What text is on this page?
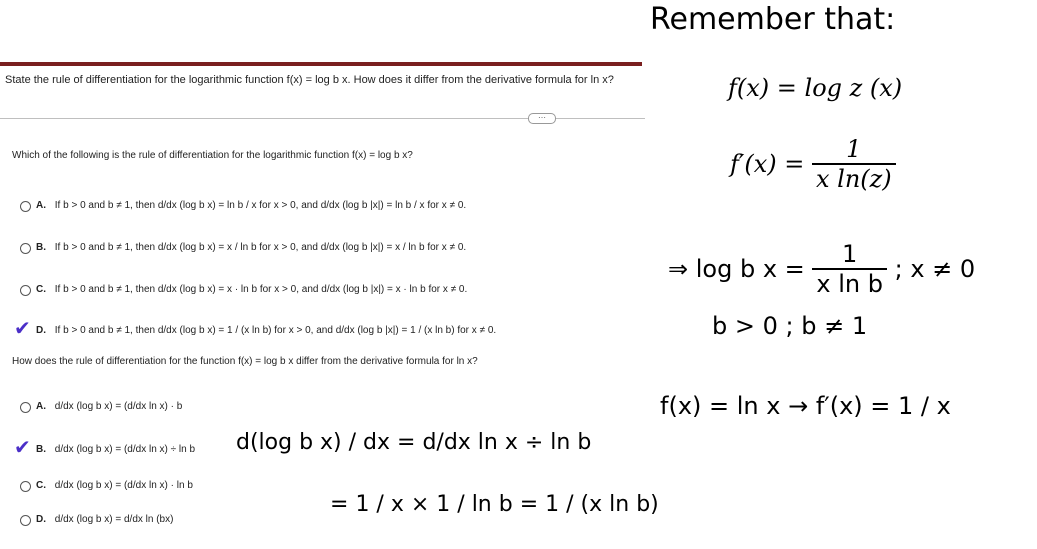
State the rule of differentiation for the logarithmic function f(x) = log b x. How does it differ from the derivative formula for ln x?
⋯
Which of the following is the rule of differentiation for the logarithmic function f(x) = log b x?
A. If b > 0 and b ≠ 1, then d/dx (log b x) = ln b / x for x > 0, and d/dx (log b |x|) = ln b / x for x ≠ 0.
B. If b > 0 and b ≠ 1, then d/dx (log b x) = x / ln b for x > 0, and d/dx (log b |x|) = x / ln b for x ≠ 0.
C. If b > 0 and b ≠ 1, then d/dx (log b x) = x · ln b for x > 0, and d/dx (log b |x|) = x · ln b for x ≠ 0.
✔ D. If b > 0 and b ≠ 1, then d/dx (log b x) = 1 / (x ln b) for x > 0, and d/dx (log b |x|) = 1 / (x ln b) for x ≠ 0.
How does the rule of differentiation for the function f(x) = log b x differ from the derivative formula for ln x?
A. d/dx (log b x) = (d/dx ln x) · b
✔ B. d/dx (log b x) = (d/dx ln x) ÷ ln b
C. d/dx (log b x) = (d/dx ln x) · ln b
D. d/dx (log b x) = d/dx ln (bx)
Remember that:
f(x) = log z (x)
$f'(x) = \frac{1}{\text{x ln(z)}}$
⇒ log b $x = \frac{1}{\text{x ln b}}$ ; x ≠ 0
b > 0 ; b ≠ 1
f(x) = ln x → f′(x) = 1 / x
d(log b x) / dx = d/dx ln x ÷ ln b
= 1 / x × 1 / ln b = 1 / (x ln b)
